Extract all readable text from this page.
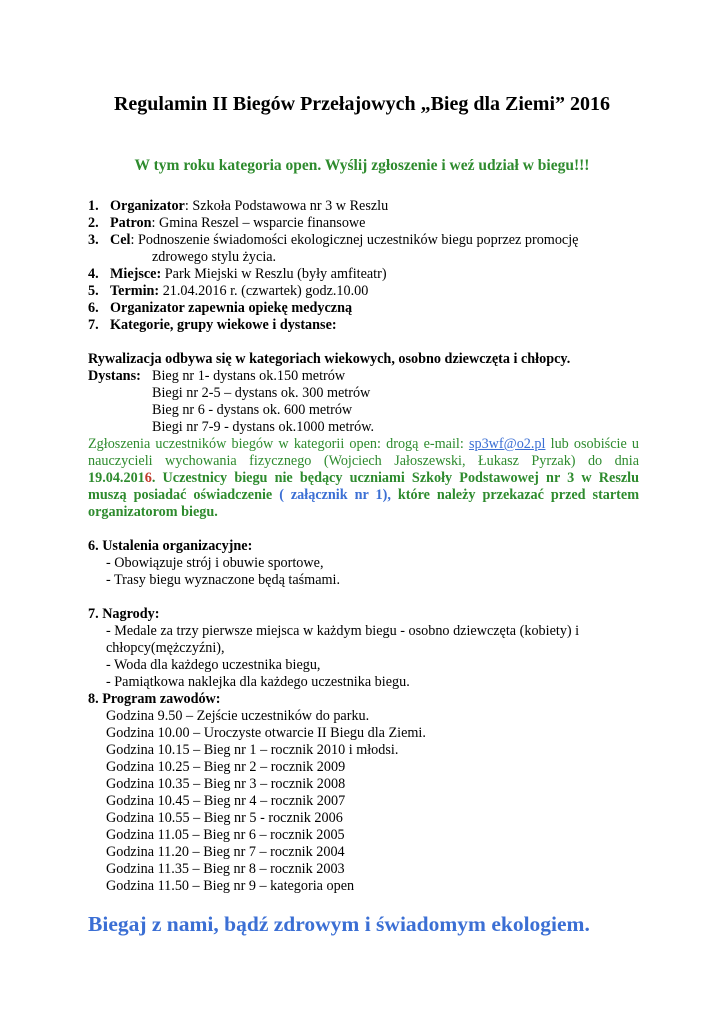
Regulamin II Biegów Przełajowych „Bieg dla Ziemi” 2016
W tym roku kategoria open. Wyślij zgłoszenie i weź udział w biegu!!!
1. Organizator: Szkoła Podstawowa nr 3 w Reszlu
2. Patron: Gmina Reszel – wsparcie finansowe
3. Cel: Podnoszenie świadomości ekologicznej uczestników biegu poprzez promocję
zdrowego stylu życia.
4. Miejsce: Park Miejski w Reszlu (były amfiteatr)
5. Termin: 21.04.2016 r. (czwartek) godz.10.00
6. Organizator zapewnia opiekę medyczną
7. Kategorie, grupy wiekowe i dystanse:
Rywalizacja odbywa się w kategoriach wiekowych, osobno dziewczęta i chłopcy.
Dystans: Bieg nr 1- dystans ok.150 metrów
Biegi nr 2-5 – dystans ok. 300 metrów
Bieg nr 6 - dystans ok. 600 metrów
Biegi nr 7-9 - dystans ok.1000 metrów.
Zgłoszenia uczestników biegów w kategorii open: drogą e-mail: sp3wf@o2.pl lub osobiście u
nauczycieli wychowania fizycznego (Wojciech Jałoszewski, Łukasz Pyrzak) do dnia
19.04.2016. Uczestnicy biegu nie będący uczniami Szkoły Podstawowej nr 3 w Reszlu
muszą posiadać oświadczenie ( załącznik nr 1), które należy przekazać przed startem
organizatorom biegu.
6. Ustalenia organizacyjne:
- Obowiązuje strój i obuwie sportowe,
- Trasy biegu wyznaczone będą taśmami.
7. Nagrody:
- Medale za trzy pierwsze miejsca w każdym biegu - osobno dziewczęta (kobiety) i
chłopcy(mężczyźni),
- Woda dla każdego uczestnika biegu,
- Pamiątkowa naklejka dla każdego uczestnika biegu.
8. Program zawodów:
Godzina 9.50 – Zejście uczestników do parku.
Godzina 10.00 – Uroczyste otwarcie II Biegu dla Ziemi.
Godzina 10.15 – Bieg nr 1 – rocznik 2010 i młodsi.
Godzina 10.25 – Bieg nr 2 – rocznik 2009
Godzina 10.35 – Bieg nr 3 – rocznik 2008
Godzina 10.45 – Bieg nr 4 – rocznik 2007
Godzina 10.55 – Bieg nr 5 - rocznik 2006
Godzina 11.05 – Bieg nr 6 – rocznik 2005
Godzina 11.20 – Bieg nr 7 – rocznik 2004
Godzina 11.35 – Bieg nr 8 – rocznik 2003
Godzina 11.50 – Bieg nr 9 – kategoria open
Biegaj z nami, bądź zdrowym i świadomym ekologiem.
